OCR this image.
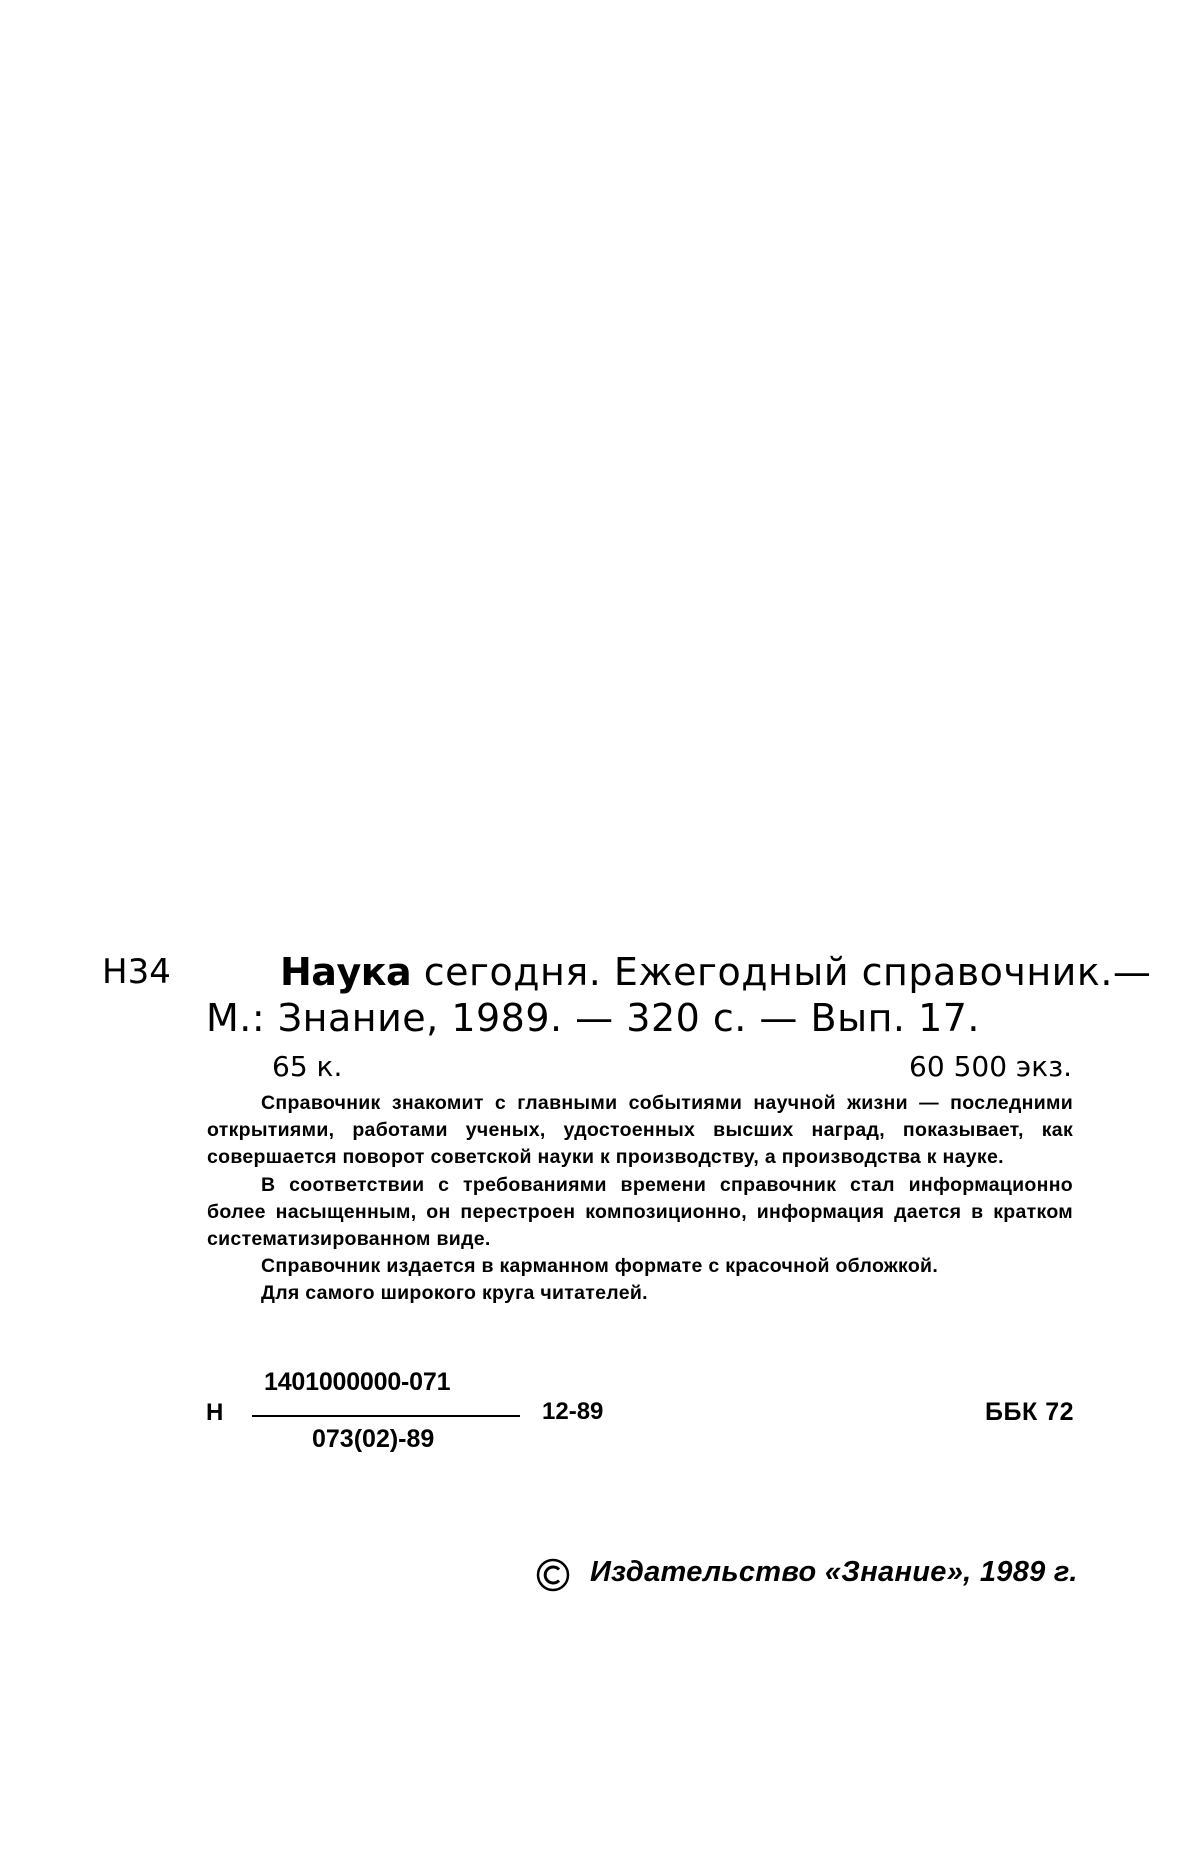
Н34	Наука сегодня. Ежегодный справочник.—
М.: Знание, 1989. — 320 с. — Вып. 17.
65 к.	60 500 экз.

Справочник знакомит с главными событиями научной жизни — последними открытиями, работами ученых, удостоенных высших наград, показывает, как совершается поворот советской науки к производству, а производства к науке.

В соответствии с требованиями времени справочник стал информационно более насыщенным, он перестроен композиционно, информация дается в кратком систематизированном виде.

Справочник издается в карманном формате с красочной обложкой.

Для самого широкого круга читателей.

Н
1401000000-071
073(02)-89
12-89	ББК 72
Издательство «Знание», 1989 г.
